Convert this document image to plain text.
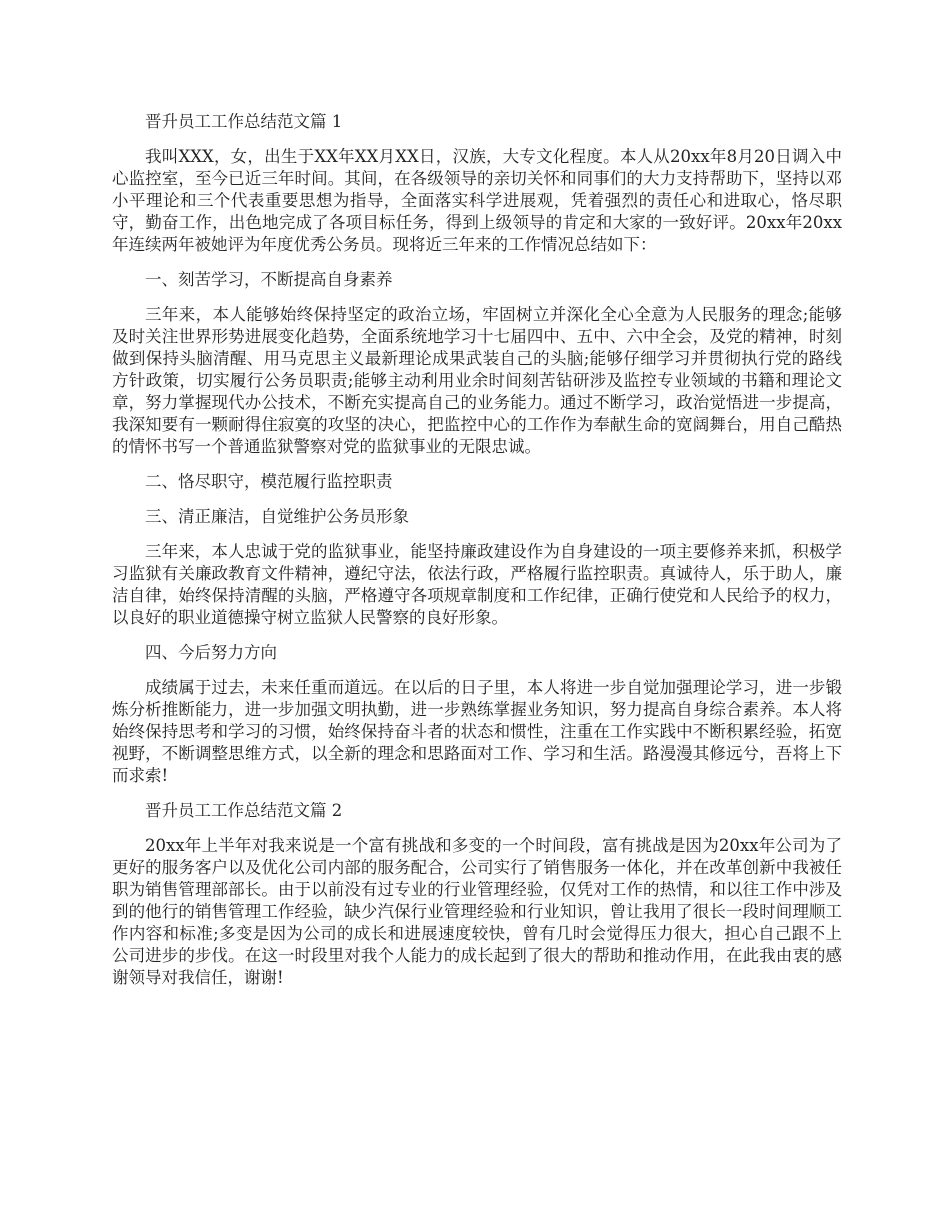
晋升员工工作总结范文篇 1

我叫XXX，女，出生于XX年XX月XX日，汉族，大专文化程度。本人从20xx年8月20日调入中心监控室，至今已近三年时间。其间，在各级领导的亲切关怀和同事们的大力支持帮助下，坚持以邓小平理论和三个代表重要思想为指导，全面落实科学进展观，凭着强烈的责任心和进取心，恪尽职守，勤奋工作，出色地完成了各项目标任务，得到上级领导的肯定和大家的一致好评。20xx年20xx年连续两年被她评为年度优秀公务员。现将近三年来的工作情况总结如下：

一、刻苦学习，不断提高自身素养

三年来，本人能够始终保持坚定的政治立场，牢固树立并深化全心全意为人民服务的理念;能够及时关注世界形势进展变化趋势，全面系统地学习十七届四中、五中、六中全会，及党的精神，时刻做到保持头脑清醒、用马克思主义最新理论成果武装自己的头脑;能够仔细学习并贯彻执行党的路线方针政策，切实履行公务员职责;能够主动利用业余时间刻苦钻研涉及监控专业领域的书籍和理论文章，努力掌握现代办公技术，不断充实提高自己的业务能力。通过不断学习，政治觉悟进一步提高，我深知要有一颗耐得住寂寞的攻坚的决心，把监控中心的工作作为奉献生命的宽阔舞台，用自己酷热的情怀书写一个普通监狱警察对党的监狱事业的无限忠诚。

二、恪尽职守，模范履行监控职责

三、清正廉洁，自觉维护公务员形象

三年来，本人忠诚于党的监狱事业，能坚持廉政建设作为自身建设的一项主要修养来抓，积极学习监狱有关廉政教育文件精神，遵纪守法，依法行政，严格履行监控职责。真诚待人，乐于助人，廉洁自律，始终保持清醒的头脑，严格遵守各项规章制度和工作纪律，正确行使党和人民给予的权力，以良好的职业道德操守树立监狱人民警察的良好形象。

四、今后努力方向

成绩属于过去，未来任重而道远。在以后的日子里，本人将进一步自觉加强理论学习，进一步锻炼分析推断能力，进一步加强文明执勤，进一步熟练掌握业务知识，努力提高自身综合素养。本人将始终保持思考和学习的习惯，始终保持奋斗者的状态和惯性，注重在工作实践中不断积累经验，拓宽视野，不断调整思维方式，以全新的理念和思路面对工作、学习和生活。路漫漫其修远兮，吾将上下而求索!

晋升员工工作总结范文篇 2

20xx年上半年对我来说是一个富有挑战和多变的一个时间段，富有挑战是因为20xx年公司为了更好的服务客户以及优化公司内部的服务配合，公司实行了销售服务一体化，并在改革创新中我被任职为销售管理部部长。由于以前没有过专业的行业管理经验，仅凭对工作的热情，和以往工作中涉及到的他行的销售管理工作经验，缺少汽保行业管理经验和行业知识，曾让我用了很长一段时间理顺工作内容和标准;多变是因为公司的成长和进展速度较快，曾有几时会觉得压力很大，担心自己跟不上公司进步的步伐。在这一时段里对我个人能力的成长起到了很大的帮助和推动作用，在此我由衷的感谢领导对我信任，谢谢!
